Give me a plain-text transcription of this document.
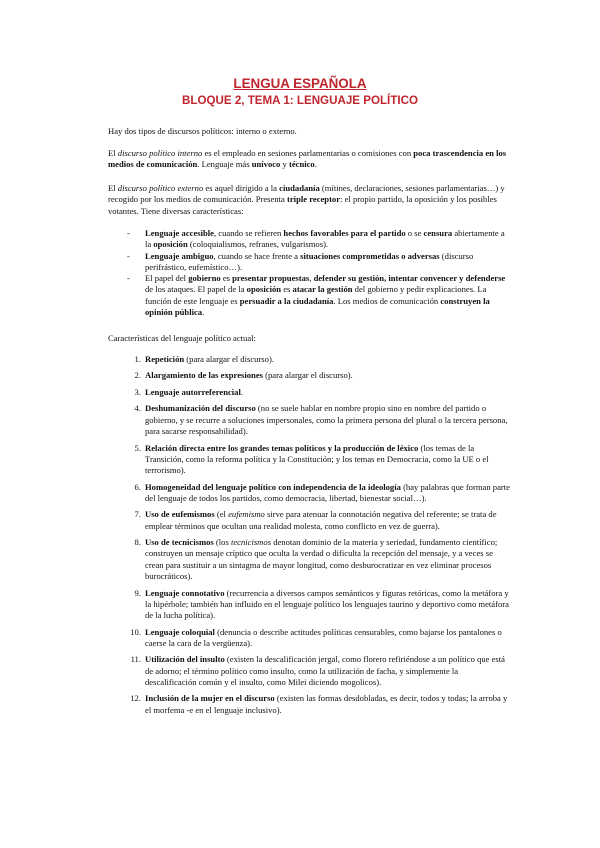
LENGUA ESPAÑOLA
BLOQUE 2, TEMA 1: LENGUAJE POLÍTICO

Hay dos tipos de discursos políticos: interno o externo.

El discurso político interno es el empleado en sesiones parlamentarias o comisiones con poca trascendencia en los medios de comunicación. Lenguaje más unívoco y técnico.

El discurso político externo es aquel dirigido a la ciudadanía (mítines, declaraciones, sesiones parlamentarias…) y recogido por los medios de comunicación. Presenta triple receptor: el propio partido, la oposición y los posibles votantes. Tiene diversas características:

- Lenguaje accesible, cuando se refieren hechos favorables para el partido o se censura abiertamente a la oposición (coloquialismos, refranes, vulgarismos).
- Lenguaje ambiguo, cuando se hace frente a situaciones comprometidas o adversas (discurso perifrástico, eufemístico…).
- El papel del gobierno es presentar propuestas, defender su gestión, intentar convencer y defenderse de los ataques. El papel de la oposición es atacar la gestión del gobierno y pedir explicaciones. La función de este lenguaje es persuadir a la ciudadanía. Los medios de comunicación construyen la opinión pública.

Características del lenguaje político actual:

1. Repetición (para alargar el discurso).
2. Alargamiento de las expresiones (para alargar el discurso).
3. Lenguaje autorreferencial.
4. Deshumanización del discurso (no se suele hablar en nombre propio sino en nombre del partido o gobierno, y se recurre a soluciones impersonales, como la primera persona del plural o la tercera persona, para sacarse responsabilidad).
5. Relación directa entre los grandes temas políticos y la producción de léxico (los temas de la Transición, como la reforma política y la Constitución; y los temas en Democracia, como la UE o el terrorismo).
6. Homogeneidad del lenguaje político con independencia de la ideología (hay palabras que forman parte del lenguaje de todos los partidos, como democracia, libertad, bienestar social…).
7. Uso de eufemismos (el eufemismo sirve para atenuar la connotación negativa del referente; se trata de emplear términos que ocultan una realidad molesta, como conflicto en vez de guerra).
8. Uso de tecnicismos (los tecnicismos denotan dominio de la materia y seriedad, fundamento científico; construyen un mensaje críptico que oculta la verdad o dificulta la recepción del mensaje, y a veces se crean para sustituir a un sintagma de mayor longitud, como desburocratizar en vez eliminar procesos burocráticos).
9. Lenguaje connotativo (recurrencia a diversos campos semánticos y figuras retóricas, como la metáfora y la hipérbole; también han influido en el lenguaje político los lenguajes taurino y deportivo como metáfora de la lucha política).
10. Lenguaje coloquial (denuncia o describe actitudes políticas censurables, como bajarse los pantalones o caerse la cara de la vergüenza).
11. Utilización del insulto (existen la descalificación jergal, como florero refiriéndose a un político que está de adorno; el término político como insulto, como la utilización de facha, y simplemente la descalificación común y el insulto, como Milei diciendo mogolicos).
12. Inclusión de la mujer en el discurso (existen las formas desdobladas, es decir, todos y todas; la arroba y el morfema -e en el lenguaje inclusivo).
